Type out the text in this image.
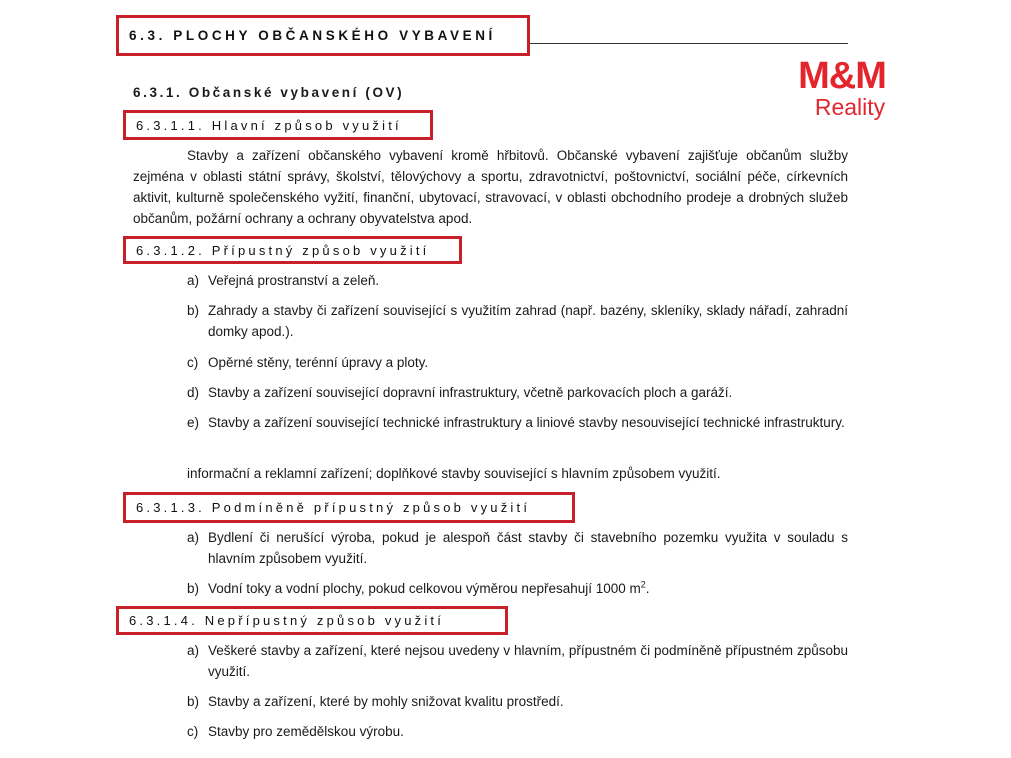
6.3. PLOCHY OBČANSKÉHO VYBAVENÍ
M&M
Reality
6.3.1. Občanské vybavení (OV)
6.3.1.1. Hlavní způsob využití
Stavby a zařízení občanského vybavení kromě hřbitovů. Občanské vybavení zajišťuje občanům služby zejména v oblasti státní správy, školství, tělovýchovy a sportu, zdravotnictví, poštovnictví, sociální péče, církevních aktivit, kulturně společenského vyžití, finanční, ubytovací, stravovací, v oblasti obchodního prodeje a drobných služeb občanům, požární ochrany a ochrany obyvatelstva apod.
6.3.1.2. Přípustný způsob využití
a) Veřejná prostranství a zeleň.
b) Zahrady a stavby či zařízení související s využitím zahrad (např. bazény, skleníky, sklady nářadí, zahradní domky apod.).
c) Opěrné stěny, terénní úpravy a ploty.
d) Stavby a zařízení související dopravní infrastruktury, včetně parkovacích ploch a garáží.
e) Stavby a zařízení související technické infrastruktury a liniové stavby nesouvisející technické infrastruktury.
informační a reklamní zařízení; doplňkové stavby související s hlavním způsobem využití.
6.3.1.3. Podmíněně přípustný způsob využití
a) Bydlení či nerušící výroba, pokud je alespoň část stavby či stavebního pozemku využita v souladu s hlavním způsobem využití.
b) Vodní toky a vodní plochy, pokud celkovou výměrou nepřesahují 1000 $m^2$.
6.3.1.4. Nepřípustný způsob využití
a) Veškeré stavby a zařízení, které nejsou uvedeny v hlavním, přípustném či podmíněně přípustném způsobu využití.
b) Stavby a zařízení, které by mohly snižovat kvalitu prostředí.
c) Stavby pro zemědělskou výrobu.
